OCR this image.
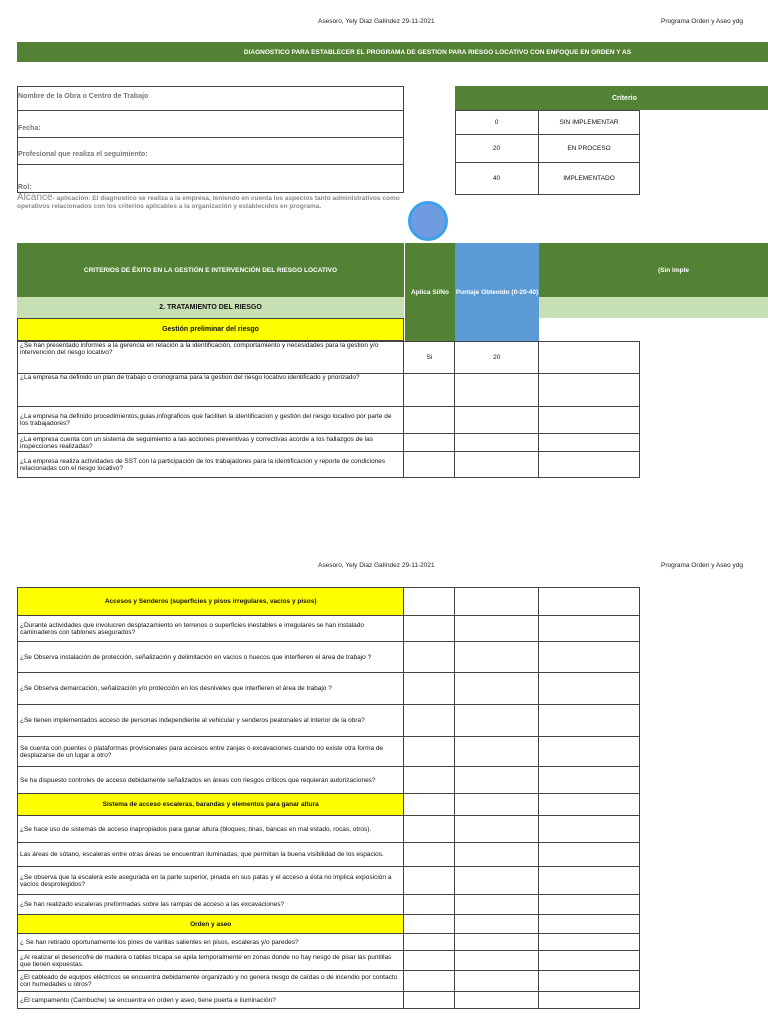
Asesoro, Yely Diaz Galíndez 29-11-2021	Programa Orden y Aseo ydg
DIAGNOSTICO PARA ESTABLECER EL PROGRAMA DE GESTION PARA RIESGO LOCATIVO CON ENFOQUE EN ORDEN Y AS
Nombre de la Obra o Centro de Trabajo
Fecha:
Profesional que realiza el seguimiento:
Rol:
Criterio
0	SIN IMPLEMENTAR
20	EN PROCESO
40	IMPLEMENTADO
Alcance- aplicación: El diagnostico se realiza a la empresa, teniendo en cuenta los aspectos tanto administrativos como operativos relacionados con los criterios aplicables a la organización y establecidos en programa.
CRITERIOS DE ÉXITO EN LA GESTIÓN E INTERVENCIÓN DEL RIESGO LOCATIVO
Aplica Si/No	Puntaje Obtenido (0-20-40)
(Sin Imple
2. TRATAMIENTO DEL RIESGO
Gestión preliminar del riesgo
¿Se han presentado informes a la gerencia en relación a la identificación, comportamiento y necesidades para la gestion y/o intervención del riesgo locativo?	Si	20	
¿La empresa ha definido un plan de trabajo o cronograma para la gestion del riesgo locativo identificado y priorizado?			
¿La empresa ha definido procedimientos,guias,infograficos que faciliten la identificacion y gestión del riesgo locativo por parte de los trabajadores?			
¿La empresa cuenta con un sistema de seguimiento a las acciones preventivas y correctivas acorde a los hallazgos de las inspecciones realizadas?			
¿La empresa realiza actividades de SST con la participación de los trabajadores para la identificacion y reporte de condiciones relacionadas con el riesgo locativo?			
Asesoro, Yely Diaz Galíndez 29-11-2021	Programa Orden y Aseo ydg
Accesos y Senderos (superficies y pisos irregulares, vacios y pisos)			
¿Durante actividades que involucren desplazamiento en terrenos o superficies inestables e irregulares se han instalado caminaderos con tablones asegurados?			
¿Se Observa instalación de protección, señalización y delimitación en vacíos o huecos que interfieren el área de trabajo ?			
¿Se Observa demarcación, señalización y/o protección en los desniveles que interfieren el área de trabajo ?			
¿Se tienen implementados acceso de personas independiente al vehicular y senderos peatonales al interior de la obra?			
Se cuenta con puentes o plataformas provisionales para accesos entre zanjas o excavaciones cuando no existe otra forma de desplazarse de un lugar a otro?			
Se ha dispuesto controles de acceso debidamente señalizados en áreas con riesgos críticos que requieran autorizaciones?			
Sistema de acceso escaleras, barandas y elementos para ganar altura			
¿Se hace uso de sistemas de acceso inapropiados para ganar altura (bloques, tinas, bancas en mal estado, rocas, otros).			
Las áreas de sótano, escaleras entre otras áreas se encuentran iluminadas, que permitan la buena visibilidad de los espacios.			
¿Se observa que la escalera este asegurada en la parte superior, pinada en sus patas y el acceso a ésta no implica exposición a vacíos desprotegidos?			
¿Se han realizado escaleras preformadas sobre las rampas de acceso a las excavaciones?			
Orden y aseo			
¿ Se han retirado oportunamente los pines de varillas salientes en pisos, escaleras y/o paredes?			
¿Al realizar el desencofre de madera o tablas tricapa se apila temporalmente en zonas donde no hay riesgo de pisar las puntillas que tienen expuestas.			
¿El cableado de equipos eléctricos se encuentra debidamente organizado y no genera riesgo de caídas o de incendio por contacto con humedades u otros?			
¿El campamento (Cambuche) se encuentra en orden y aseo, tiene puerta e iluminación?			
